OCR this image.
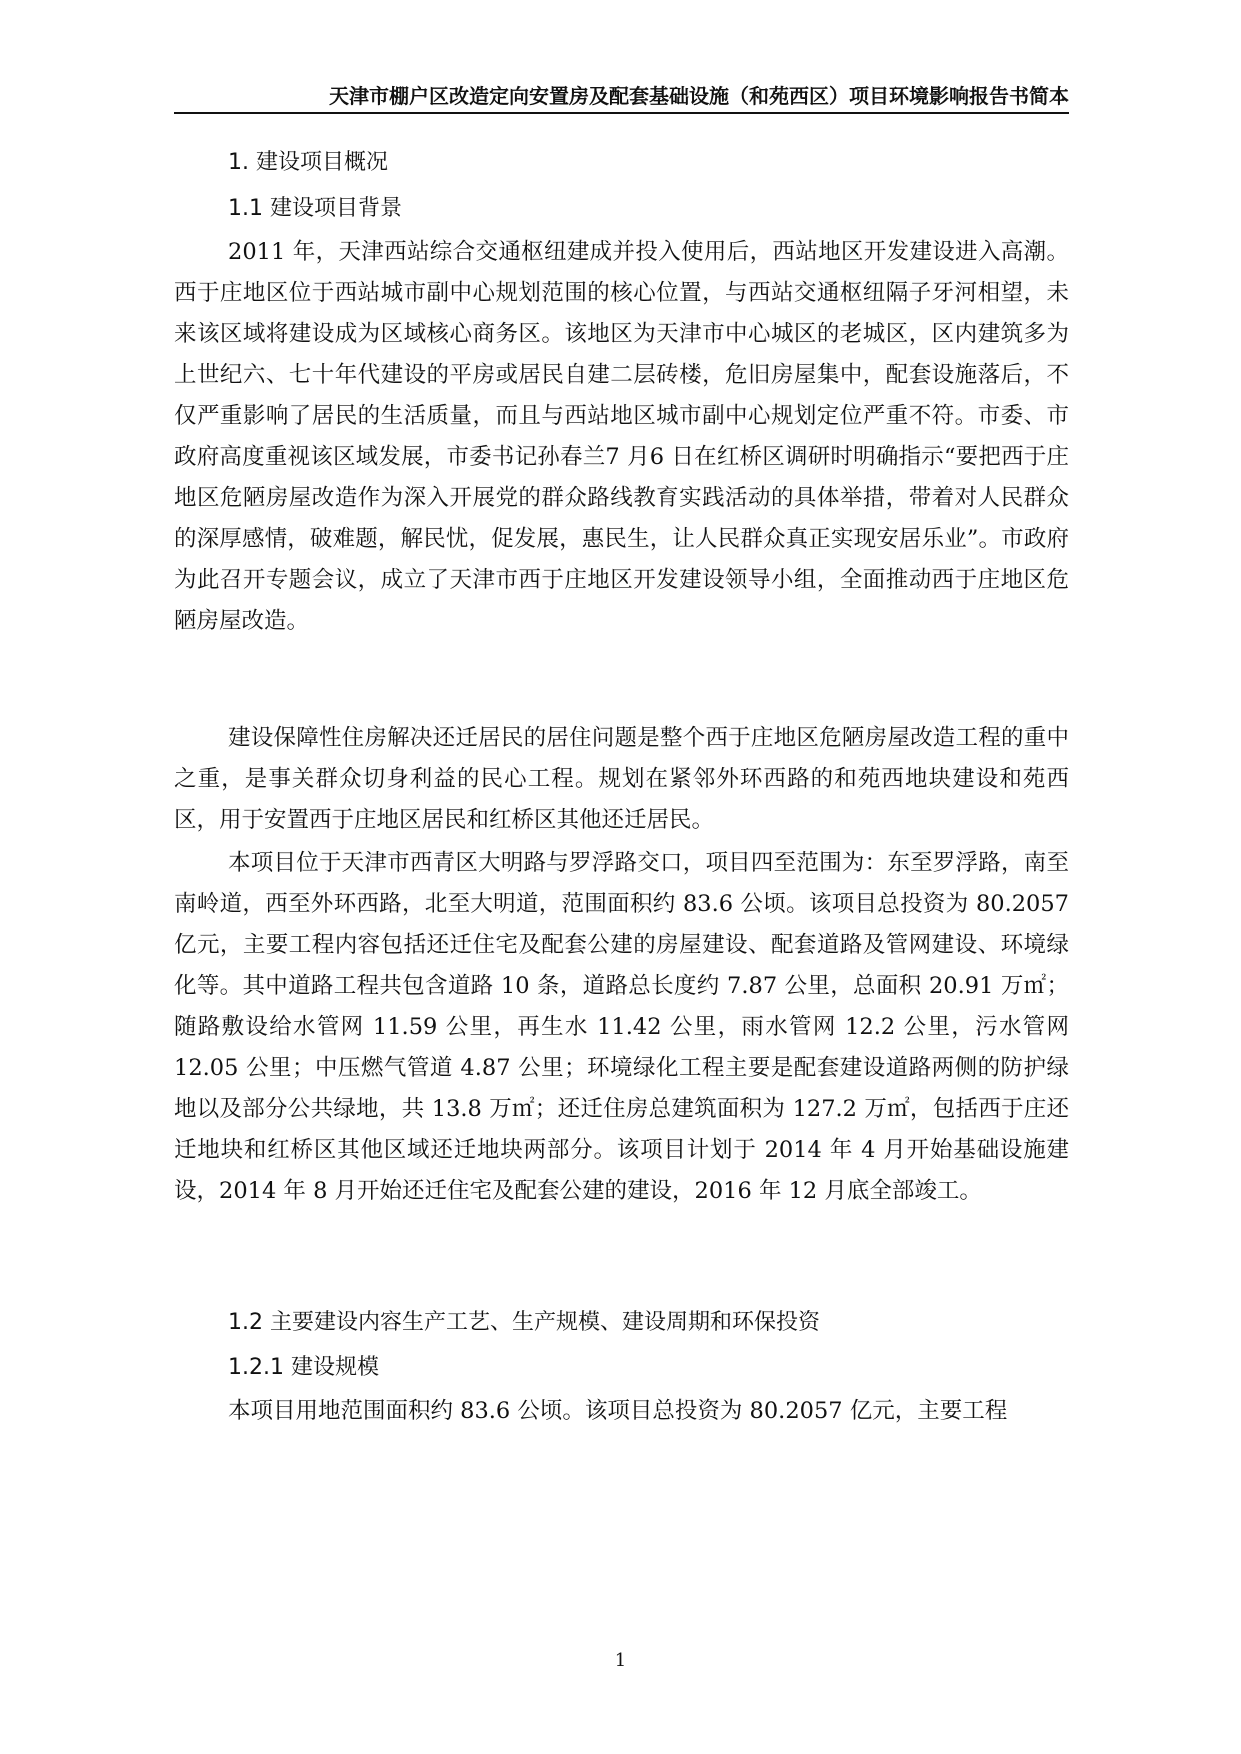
天津市棚户区改造定向安置房及配套基础设施（和苑西区）项目环境影响报告书简本
1. 建设项目概况
1.1 建设项目背景

2011 年，天津西站综合交通枢纽建成并投入使用后，西站地区开发建设进入高潮。西于庄地区位于西站城市副中心规划范围的核心位置，与西站交通枢纽隔子牙河相望，未来该区域将建设成为区域核心商务区。该地区为天津市中心城区的老城区，区内建筑多为上世纪六、七十年代建设的平房或居民自建二层砖楼，危旧房屋集中，配套设施落后，不仅严重影响了居民的生活质量，而且与西站地区城市副中心规划定位严重不符。市委、市政府高度重视该区域发展，市委书记孙春兰7 月6 日在红桥区调研时明确指示“要把西于庄地区危陋房屋改造作为深入开展党的群众路线教育实践活动的具体举措，带着对人民群众的深厚感情，破难题，解民忧，促发展，惠民生，让人民群众真正实现安居乐业”。市政府为此召开专题会议，成立了天津市西于庄地区开发建设领导小组，全面推动西于庄地区危陋房屋改造。

建设保障性住房解决还迁居民的居住问题是整个西于庄地区危陋房屋改造工程的重中之重，是事关群众切身利益的民心工程。规划在紧邻外环西路的和苑西地块建设和苑西区，用于安置西于庄地区居民和红桥区其他还迁居民。

本项目位于天津市西青区大明路与罗浮路交口，项目四至范围为：东至罗浮路，南至南岭道，西至外环西路，北至大明道，范围面积约 83.6 公顷。该项目总投资为 80.2057 亿元，主要工程内容包括还迁住宅及配套公建的房屋建设、配套道路及管网建设、环境绿化等。其中道路工程共包含道路 10 条，道路总长度约 7.87 公里，总面积 20.91 万㎡；随路敷设给水管网 11.59 公里，再生水 11.42 公里，雨水管网 12.2 公里，污水管网 12.05 公里；中压燃气管道 4.87 公里；环境绿化工程主要是配套建设道路两侧的防护绿地以及部分公共绿地，共 13.8 万㎡；还迁住房总建筑面积为 127.2 万㎡，包括西于庄还迁地块和红桥区其他区域还迁地块两部分。该项目计划于 2014 年 4 月开始基础设施建设，2014 年 8 月开始还迁住宅及配套公建的建设，2016 年 12 月底全部竣工。

1.2 主要建设内容生产工艺、生产规模、建设周期和环保投资
1.2.1 建设规模

本项目用地范围面积约 83.6 公顷。该项目总投资为 80.2057 亿元，主要工程

1
